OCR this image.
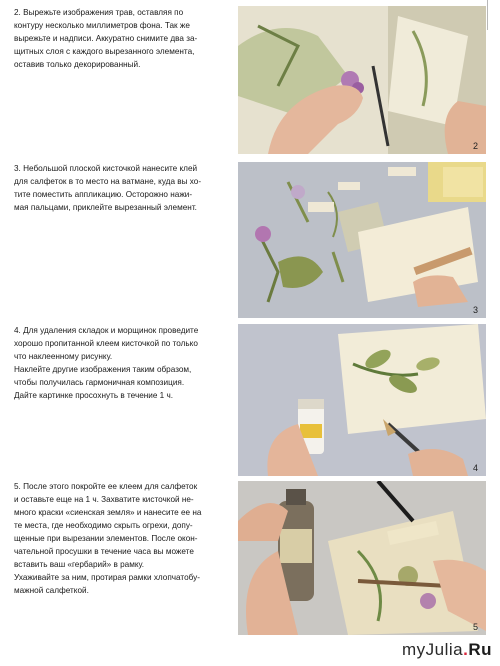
2. Вырежьте изображения трав, оставляя по
контуру несколько миллиметров фона. Так же
вырежьте и надписи. Аккуратно снимите два за-
щитных слоя с каждого вырезанного элемента,
оставив только декорированный.

2

3. Небольшой плоской кисточкой нанесите клей
для салфеток в то место на ватмане, куда вы хо-
тите поместить аппликацию. Осторожно нажи-
мая пальцами, приклейте вырезанный элемент.

3

4. Для удаления складок и морщинок проведите
хорошо пропитанной клеем кисточкой по только
что наклеенному рисунку.
Наклейте другие изображения таким образом,
чтобы получилась гармоничная композиция.
Дайте картинке просохнуть в течение 1 ч.

4

5. После этого покройте ее клеем для салфеток
и оставьте еще на 1 ч. Захватите кисточкой не-
много краски «сиенская земля» и нанесите ее на
те места, где необходимо скрыть огрехи, допу-
щенные при вырезании элементов. После окон-
чательной просушки в течение часа вы можете
вставить ваш «гербарий» в рамку.
Ухаживайте за ним, протирая рамки хлопчатобу-
мажной салфеткой.

5
myJulia.Ru
